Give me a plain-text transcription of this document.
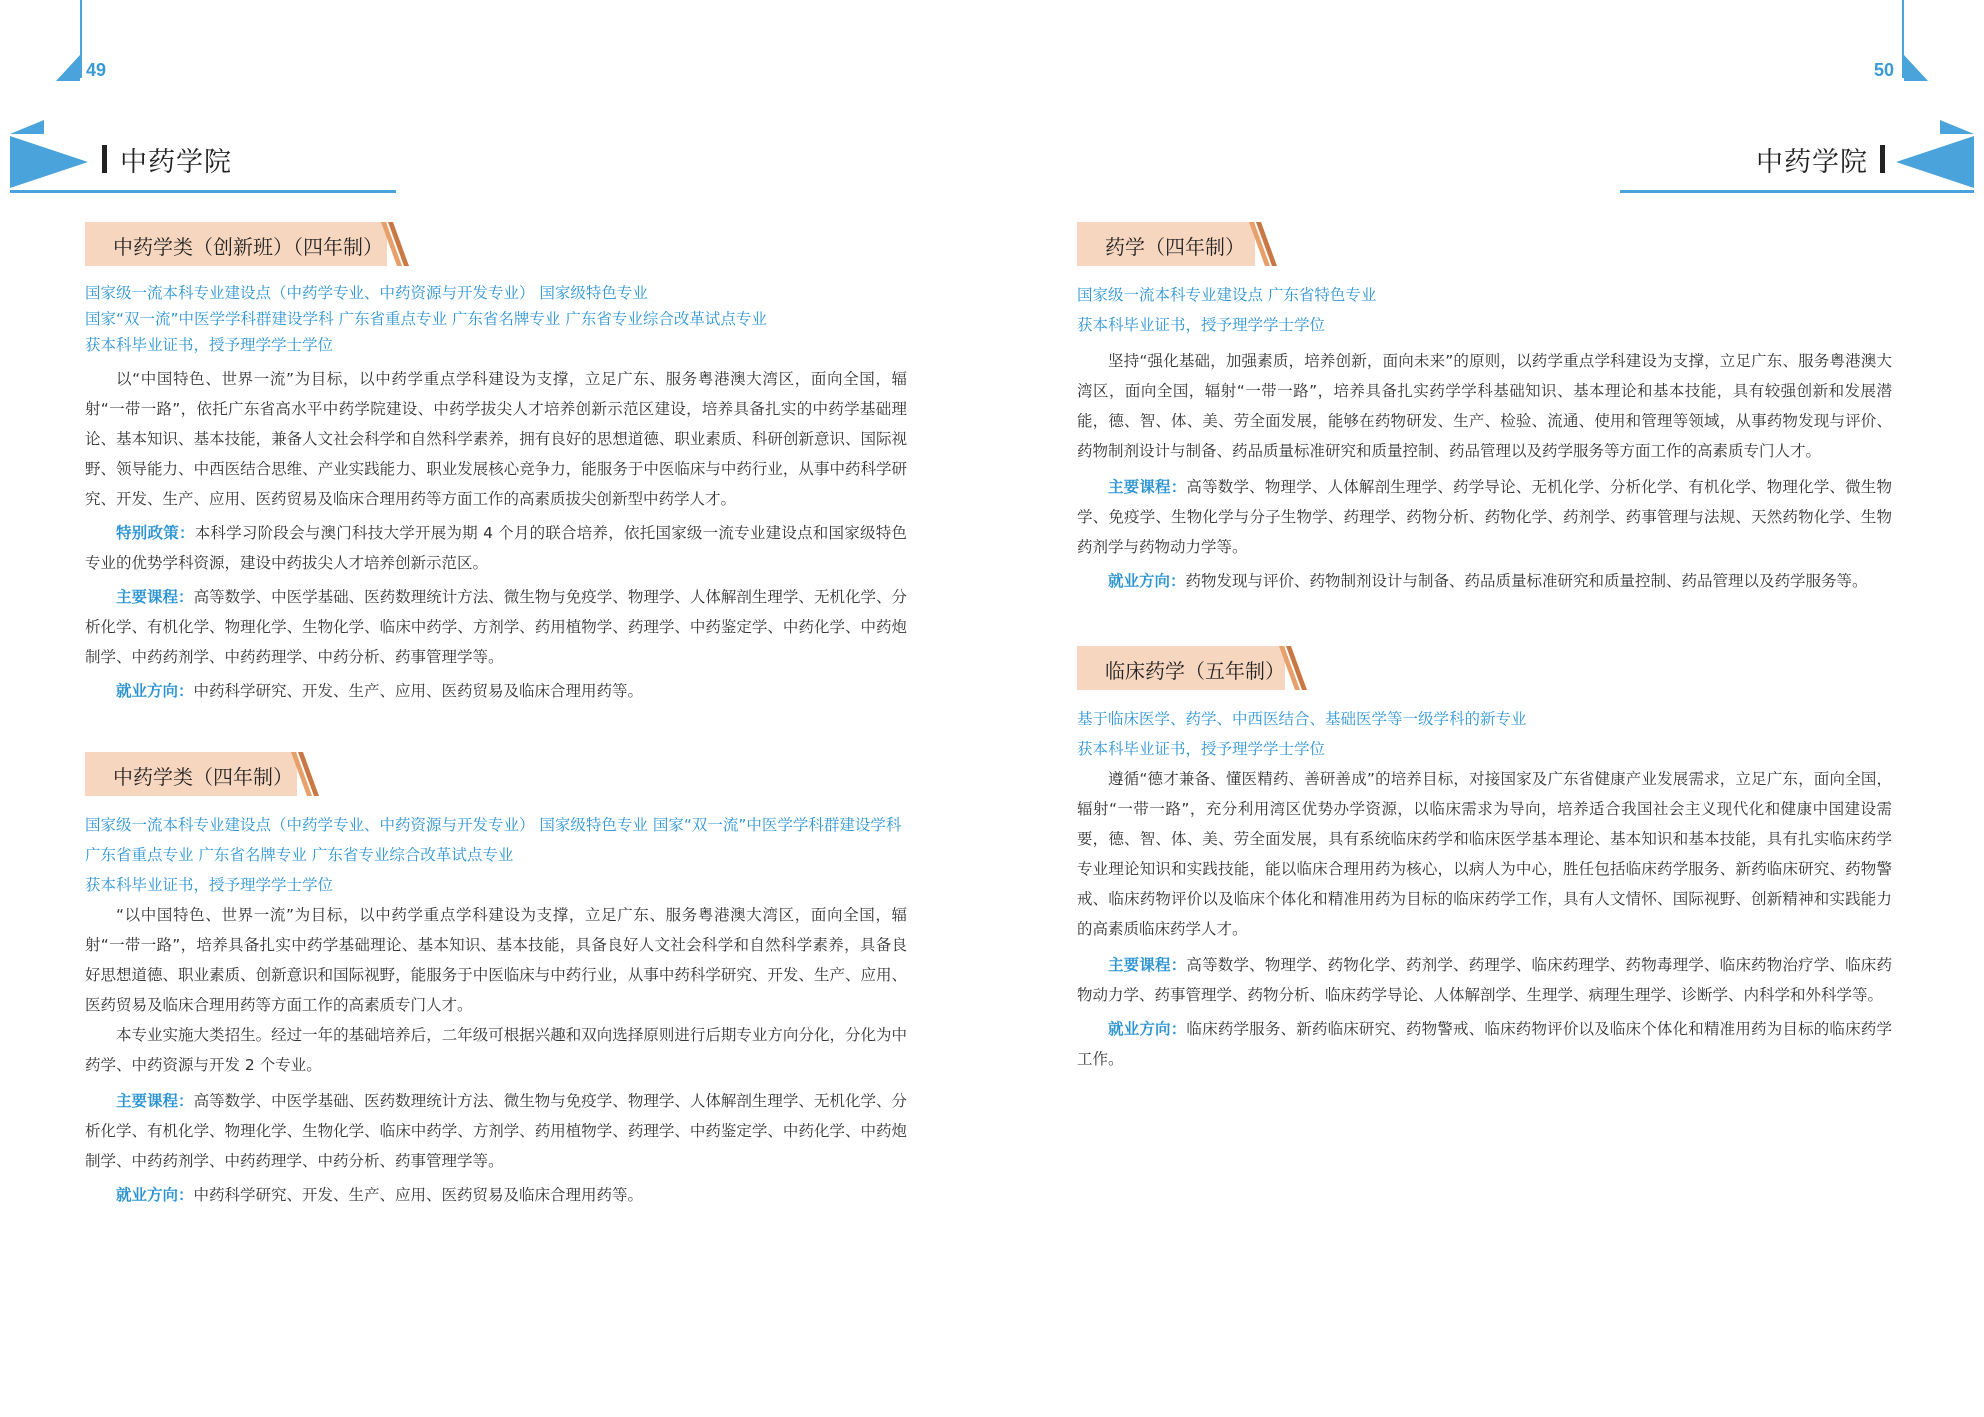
49
中药学院
中药学类（创新班）（四年制）
国家级一流本科专业建设点（中药学专业、中药资源与开发专业） 国家级特色专业
国家“双一流”中医学学科群建设学科 广东省重点专业 广东省名牌专业 广东省专业综合改革试点专业
获本科毕业证书，授予理学学士学位
以“中国特色、世界一流”为目标，以中药学重点学科建设为支撑，立足广东、服务粤港澳大湾区，面向全国，辐射“一带一路”，依托广东省高水平中药学院建设、中药学拔尖人才培养创新示范区建设，培养具备扎实的中药学基础理论、基本知识、基本技能，兼备人文社会科学和自然科学素养，拥有良好的思想道德、职业素质、科研创新意识、国际视野、领导能力、中西医结合思维、产业实践能力、职业发展核心竞争力，能服务于中医临床与中药行业，从事中药科学研究、开发、生产、应用、医药贸易及临床合理用药等方面工作的高素质拔尖创新型中药学人才。
特别政策：本科学习阶段会与澳门科技大学开展为期 4 个月的联合培养，依托国家级一流专业建设点和国家级特色专业的优势学科资源，建设中药拔尖人才培养创新示范区。
主要课程：高等数学、中医学基础、医药数理统计方法、微生物与免疫学、物理学、人体解剖生理学、无机化学、分析化学、有机化学、物理化学、生物化学、临床中药学、方剂学、药用植物学、药理学、中药鉴定学、中药化学、中药炮制学、中药药剂学、中药药理学、中药分析、药事管理学等。
就业方向：中药科学研究、开发、生产、应用、医药贸易及临床合理用药等。
中药学类（四年制）
国家级一流本科专业建设点（中药学专业、中药资源与开发专业） 国家级特色专业 国家“双一流”中医学学科群建设学科 广东省重点专业 广东省名牌专业 广东省专业综合改革试点专业
获本科毕业证书，授予理学学士学位
“以中国特色、世界一流”为目标，以中药学重点学科建设为支撑，立足广东、服务粤港澳大湾区，面向全国，辐射“一带一路”，培养具备扎实中药学基础理论、基本知识、基本技能，具备良好人文社会科学和自然科学素养，具备良好思想道德、职业素质、创新意识和国际视野，能服务于中医临床与中药行业，从事中药科学研究、开发、生产、应用、医药贸易及临床合理用药等方面工作的高素质专门人才。
本专业实施大类招生。经过一年的基础培养后，二年级可根据兴趣和双向选择原则进行后期专业方向分化，分化为中药学、中药资源与开发 2 个专业。
主要课程：高等数学、中医学基础、医药数理统计方法、微生物与免疫学、物理学、人体解剖生理学、无机化学、分析化学、有机化学、物理化学、生物化学、临床中药学、方剂学、药用植物学、药理学、中药鉴定学、中药化学、中药炮制学、中药药剂学、中药药理学、中药分析、药事管理学等。
就业方向：中药科学研究、开发、生产、应用、医药贸易及临床合理用药等。
50
中药学院
药学（四年制）
国家级一流本科专业建设点 广东省特色专业
获本科毕业证书，授予理学学士学位
坚持“强化基础，加强素质，培养创新，面向未来”的原则，以药学重点学科建设为支撑，立足广东、服务粤港澳大湾区，面向全国，辐射“一带一路”，培养具备扎实药学学科基础知识、基本理论和基本技能，具有较强创新和发展潜能，德、智、体、美、劳全面发展，能够在药物研发、生产、检验、流通、使用和管理等领域，从事药物发现与评价、药物制剂设计与制备、药品质量标准研究和质量控制、药品管理以及药学服务等方面工作的高素质专门人才。
主要课程：高等数学、物理学、人体解剖生理学、药学导论、无机化学、分析化学、有机化学、物理化学、微生物学、免疫学、生物化学与分子生物学、药理学、药物分析、药物化学、药剂学、药事管理与法规、天然药物化学、生物药剂学与药物动力学等。
就业方向：药物发现与评价、药物制剂设计与制备、药品质量标准研究和质量控制、药品管理以及药学服务等。
临床药学（五年制）
基于临床医学、药学、中西医结合、基础医学等一级学科的新专业
获本科毕业证书，授予理学学士学位
遵循“德才兼备、懂医精药、善研善成”的培养目标，对接国家及广东省健康产业发展需求，立足广东，面向全国，辐射“一带一路”，充分利用湾区优势办学资源，以临床需求为导向，培养适合我国社会主义现代化和健康中国建设需要，德、智、体、美、劳全面发展，具有系统临床药学和临床医学基本理论、基本知识和基本技能，具有扎实临床药学专业理论知识和实践技能，能以临床合理用药为核心，以病人为中心，胜任包括临床药学服务、新药临床研究、药物警戒、临床药物评价以及临床个体化和精准用药为目标的临床药学工作，具有人文情怀、国际视野、创新精神和实践能力的高素质临床药学人才。
主要课程：高等数学、物理学、药物化学、药剂学、药理学、临床药理学、药物毒理学、临床药物治疗学、临床药物动力学、药事管理学、药物分析、临床药学导论、人体解剖学、生理学、病理生理学、诊断学、内科学和外科学等。
就业方向：临床药学服务、新药临床研究、药物警戒、临床药物评价以及临床个体化和精准用药为目标的临床药学工作。
